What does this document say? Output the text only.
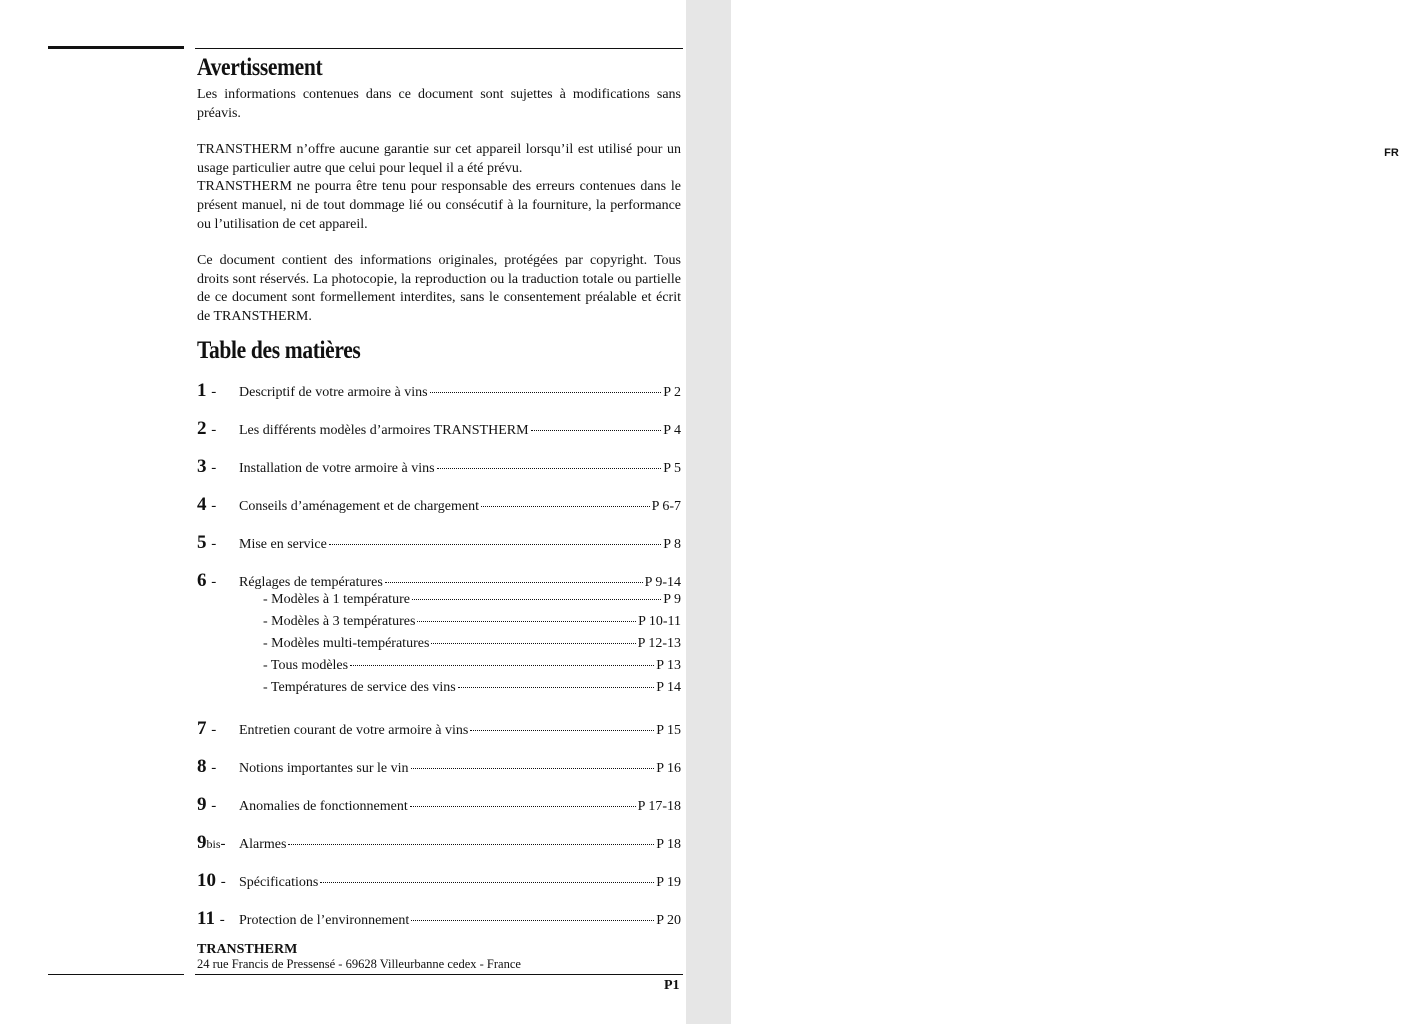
FR
Avertissement

Les informations contenues dans ce document sont sujettes à modifications sans préavis.

TRANSTHERM n’offre aucune garantie sur cet appareil lorsqu’il est utilisé pour un usage particulier autre que celui pour lequel il a été prévu.

TRANSTHERM ne pourra être tenu pour responsable des erreurs contenues dans le présent manuel, ni de tout dommage lié ou consécutif à la fourniture, la performance ou l’utilisation de cet appareil.

Ce document contient des informations originales, protégées par copyright. Tous droits sont réservés. La photocopie, la reproduction ou la traduction totale ou partielle de ce document sont formellement interdites, sans le consentement préalable et écrit de TRANSTHERM.

Table des matières
1 -	Descriptif de votre armoire à vins	P 2
2 -	Les différents modèles d’armoires TRANSTHERM	P 4
3 -	Installation de votre armoire à vins	P 5
4 -	Conseils d’aménagement et de chargement	P 6-7
5 -	Mise en service	P 8
6 -	Réglages de températures	P 9-14
- Modèles à 1 température	P 9
- Modèles à 3 températures	P 10-11
- Modèles multi-températures	P 12-13
- Tous modèles	P 13
- Températures de service des vins	P 14
7 -	Entretien courant de votre armoire à vins	P 15
8 -	Notions importantes sur le vin	P 16
9 -	Anomalies de fonctionnement	P 17-18
9bis- Alarmes	P 18
10 - Spécifications	P 19
11 -	Protection de l’environnement	P 20
TRANSTHERM
24 rue Francis de Pressensé - 69628 Villeurbanne cedex - France
P1
